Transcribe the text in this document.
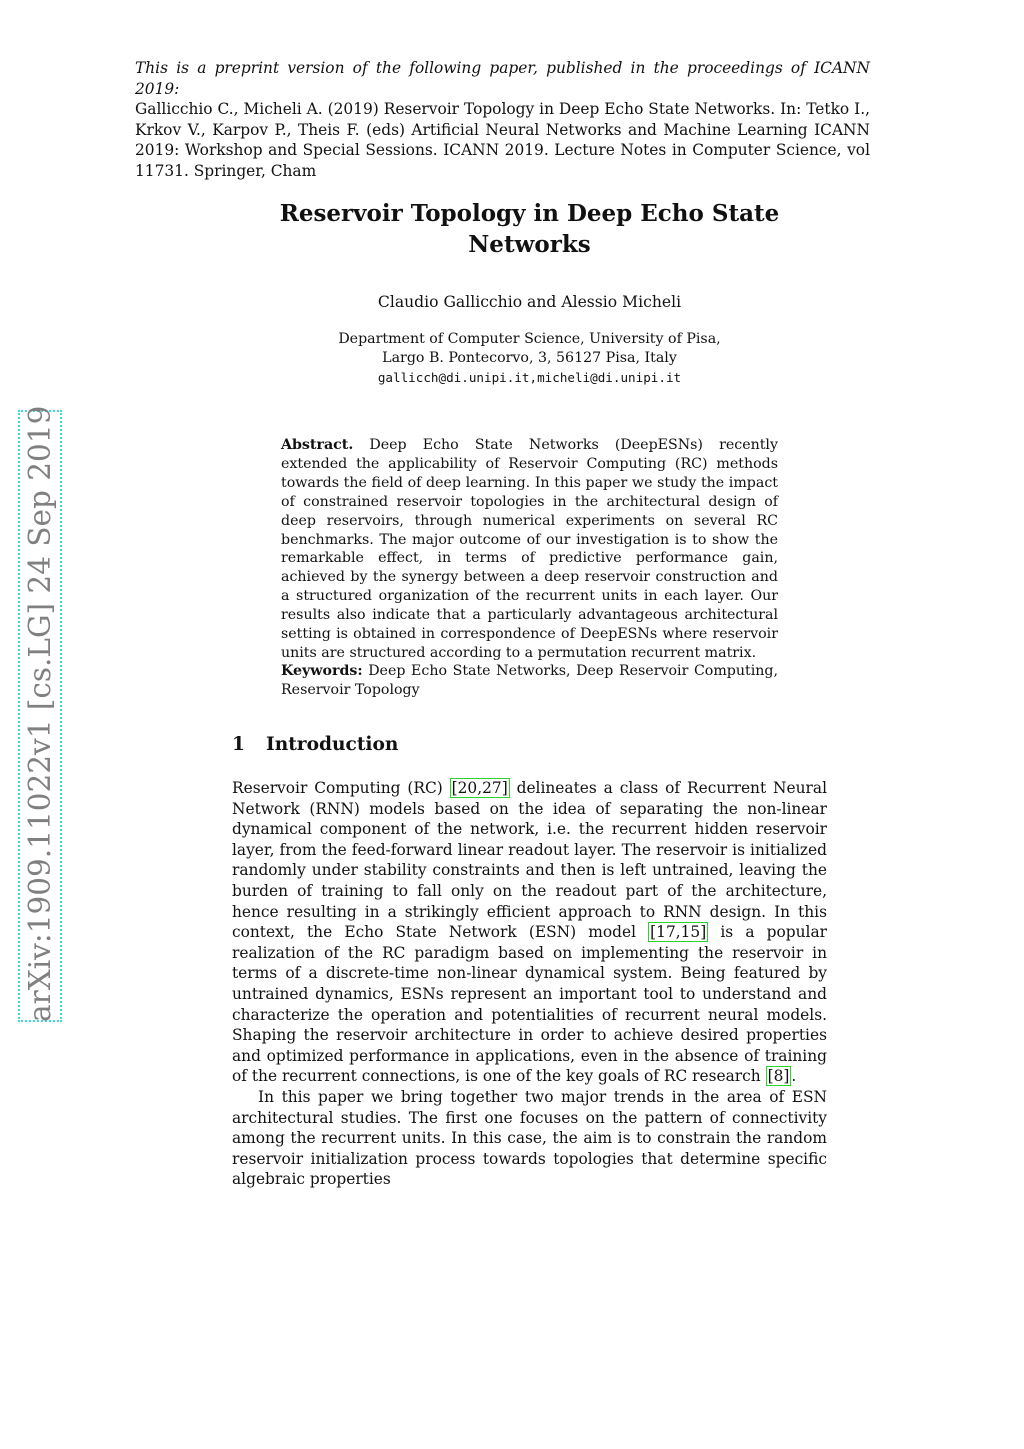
This is a preprint version of the following paper, published in the proceedings of ICANN 2019:
Gallicchio C., Micheli A. (2019) Reservoir Topology in Deep Echo State Networks. In: Tetko I., Krkov V., Karpov P., Theis F. (eds) Artificial Neural Networks and Machine Learning ICANN 2019: Workshop and Special Sessions. ICANN 2019. Lecture Notes in Computer Science, vol 11731. Springer, Cham
Reservoir Topology in Deep Echo State
Networks
Claudio Gallicchio and Alessio Micheli
Department of Computer Science, University of Pisa,
Largo B. Pontecorvo, 3, 56127 Pisa, Italy
gallicch@di.unipi.it,micheli@di.unipi.it
Abstract. Deep Echo State Networks (DeepESNs) recently extended the applicability of Reservoir Computing (RC) methods towards the field of deep learning. In this paper we study the impact of constrained reservoir topologies in the architectural design of deep reservoirs, through numerical experiments on several RC benchmarks. The major outcome of our investigation is to show the remarkable effect, in terms of predictive performance gain, achieved by the synergy between a deep reservoir construction and a structured organization of the recurrent units in each layer. Our results also indicate that a particularly advantageous architectural setting is obtained in correspondence of DeepESNs where reservoir units are structured according to a permutation recurrent matrix.
Keywords: Deep Echo State Networks, Deep Reservoir Computing, Reservoir Topology
1 Introduction

Reservoir Computing (RC) [20,27] delineates a class of Recurrent Neural Network (RNN) models based on the idea of separating the non-linear dynamical component of the network, i.e. the recurrent hidden reservoir layer, from the feed-forward linear readout layer. The reservoir is initialized randomly under stability constraints and then is left untrained, leaving the burden of training to fall only on the readout part of the architecture, hence resulting in a strikingly efficient approach to RNN design. In this context, the Echo State Network (ESN) model [17,15] is a popular realization of the RC paradigm based on implementing the reservoir in terms of a discrete-time non-linear dynamical system. Being featured by untrained dynamics, ESNs represent an important tool to understand and characterize the operation and potentialities of recurrent neural models. Shaping the reservoir architecture in order to achieve desired properties and optimized performance in applications, even in the absence of training of the recurrent connections, is one of the key goals of RC research [8] .

In this paper we bring together two major trends in the area of ESN architectural studies. The first one focuses on the pattern of connectivity among the recurrent units. In this case, the aim is to constrain the random reservoir initialization process towards topologies that determine specific algebraic properties

arXiv:1909.11022v1 [cs.LG] 24 Sep 2019
